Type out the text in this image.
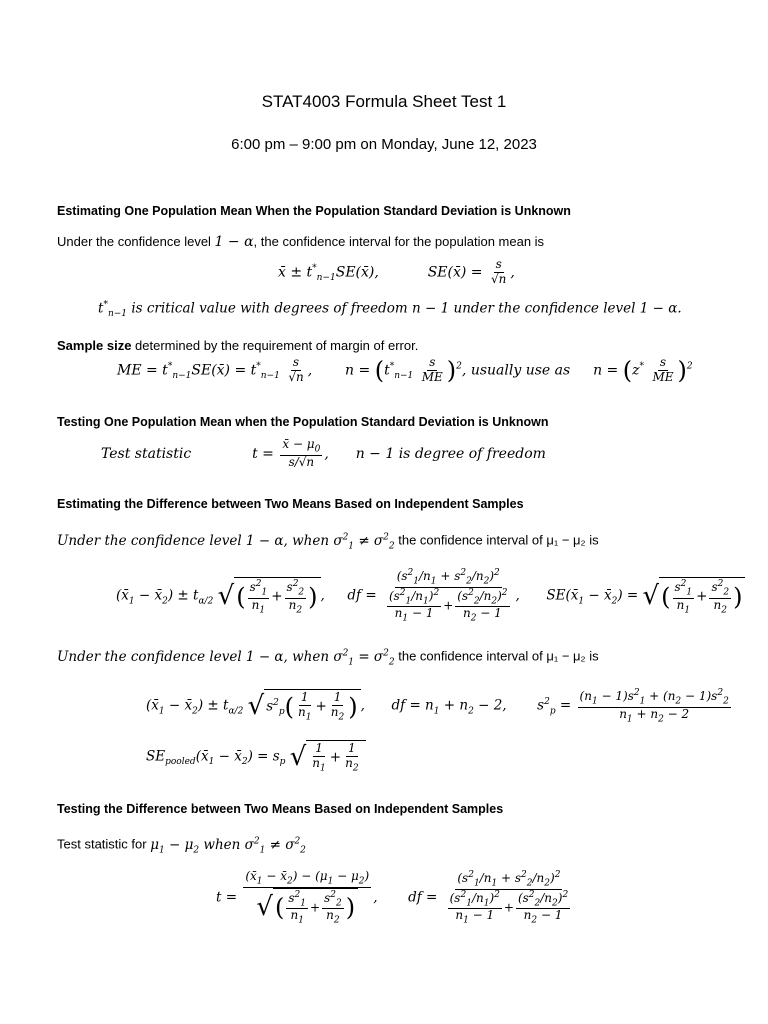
STAT4003 Formula Sheet Test 1
6:00 pm – 9:00 pm on Monday, June 12, 2023
Estimating One Population Mean When the Population Standard Deviation is Unknown
Under the confidence level 1 − α, the confidence interval for the population mean is
x̄ ± $t^*_{n-1}SE(x̄)$,	SE(x̄) = $\frac{s}{√n}$ ,
$t^*_{n-1}$ is critical value with degrees of freedom n − 1 under the confidence level 1 − α.
Sample size determined by the requirement of margin of error.
ME = $t^*_{n-1}SE(x̄) = t^*_{n-1} \frac{s}{√n}$ ,  $n = (t^*_{n-1} \frac{s}{ME} )^2$, usually use as  $n = (z^* \frac{s}{ME} )^2$
Testing One Population Mean when the Population Standard Deviation is Unknown
Test statistic	$t = \frac{x̄ - \mu_0}{s/√n}$ ,  n − 1 is degree of freedom
Estimating the Difference between Two Means Based on Independent Samples
Under the confidence level 1 − α, when $\sigma^2_1 \ne \sigma^2_2$ the confidence interval of μ₁ − μ₂ is
($x̄_1$ − $x̄_2) \pm t_{\alpha/2}$ √ ( $\frac{s^2_1}{n_1} + \frac{s^2_2}{n_2}$ ) ,  df = $\frac{(s^2_1/n_1 + s^2_2/n_2)^2}{\frac{(s^2_1/n_1)^2}{n_1 - 1} + \frac{(s^2_2/n_2)^2}{n_2 - 1}}$ ,  $SE(x̄_1$ − $x̄_2$) = √ ( $\frac{s^2_1}{n_1} + \frac{s^2_2}{n_2}$ )
Under the confidence level 1 − α, when $\sigma^2_1 = \sigma^2_2$ the confidence interval of μ₁ − μ₂ is
($x̄_1$ − $x̄_2) \pm t_{\alpha/2}$ √ $s^2_p( \frac{1}{n_1} + \frac{1}{n_2}$ ) ,  df = $n_1 + n_2 - 2$,  $s^2_p = \frac{(n_1 - 1)s^2_1 + (n_2 - 1)s^2_2}{n_1 + n_2 - 2}$
$SE_{pooled}(x̄_1$ − $x̄_2) = s_p$ √ $\frac{1}{n_1} + \frac{1}{n_2}$
Testing the Difference between Two Means Based on Independent Samples
Test statistic for $\mu_1 - \mu_2$ when $\sigma^2_1 \ne \sigma^2_2$
$t = \frac{(x̄_1 - x̄_2) - (\mu_1 - \mu_2)}{√ ( \frac{s^2_1}{n_1} + \frac{s^2_2}{n_2} )}$ ,  df = $\frac{(s^2_1/n_1 + s^2_2/n_2)^2}{\frac{(s^2_1/n_1)^2}{n_1 - 1} + \frac{(s^2_2/n_2)^2}{n_2 - 1}}$
